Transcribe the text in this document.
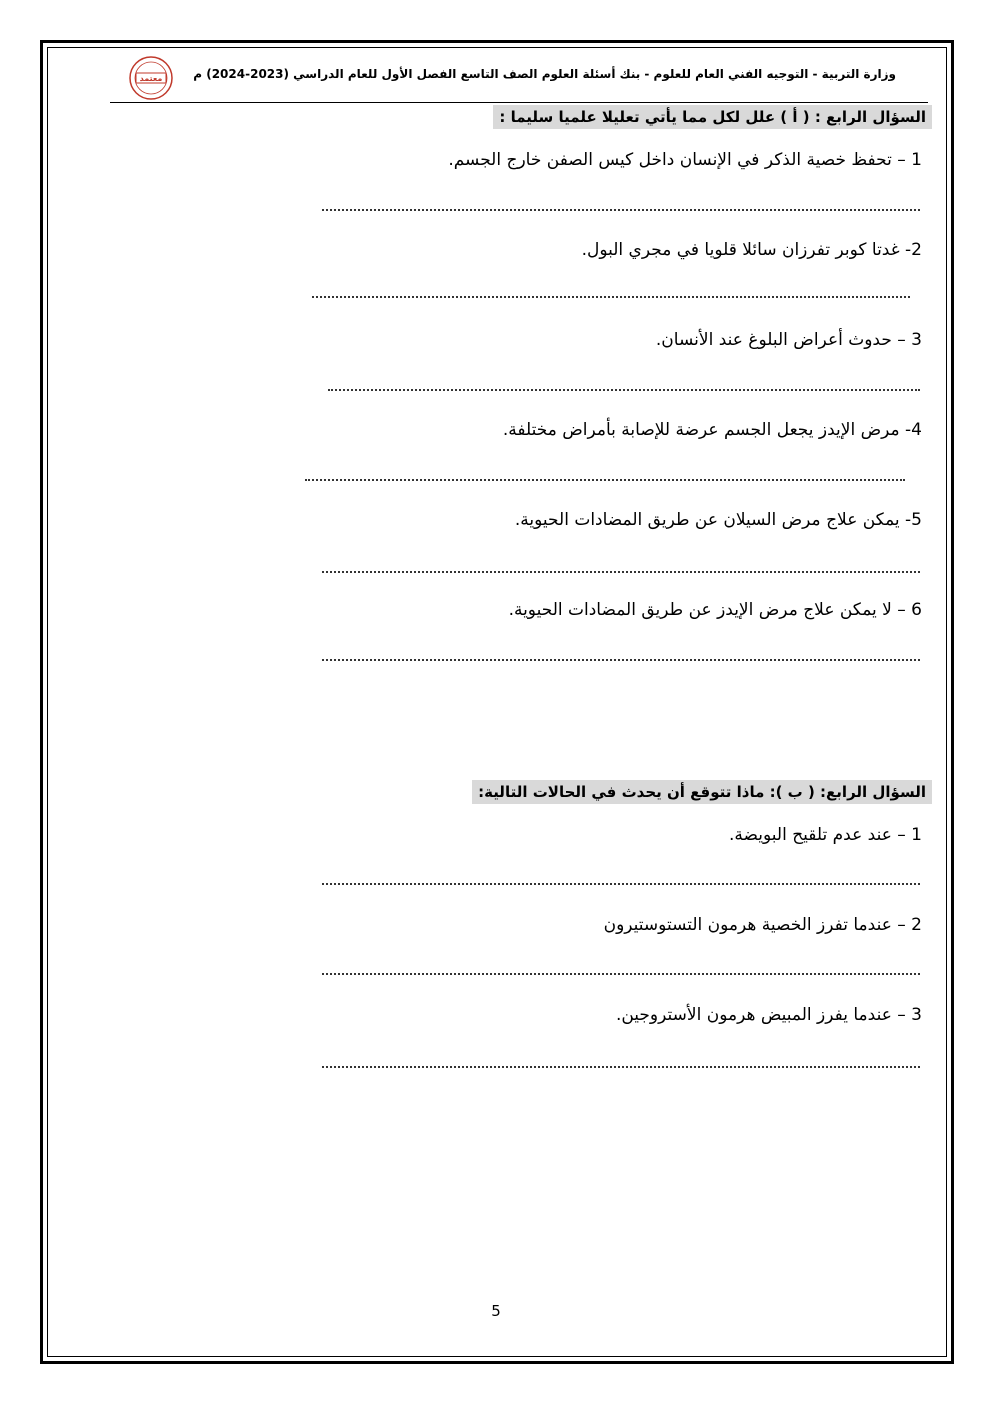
وزارة التربية - التوجيه الفني العام للعلوم - بنك أسئلة العلوم الصف التاسع الفصل الأول للعام الدراسي (2023-2024) م
معتمد
السؤال الرابع : ( أ ) علل لكل مما يأتي تعليلا علميا سليما :
1 – تحفظ خصية الذكر في الإنسان داخل كيس الصفن خارج الجسم.
2- غدتا كوبر تفرزان سائلا قلويا في مجري البول.
3 – حدوث أعراض البلوغ عند الأنسان.
4- مرض الإيدز يجعل الجسم عرضة للإصابة بأمراض مختلفة.
5- يمكن علاج مرض السيلان عن طريق المضادات الحيوية.
6 – لا يمكن علاج مرض الإيدز عن طريق المضادات الحيوية.
السؤال الرابع: ( ب ): ماذا تتوقع أن يحدث في الحالات التالية:
1 – عند عدم تلقيح البويضة.
2 – عندما تفرز الخصية هرمون التستوستيرون
3 – عندما يفرز المبيض هرمون الأستروجين.
5
